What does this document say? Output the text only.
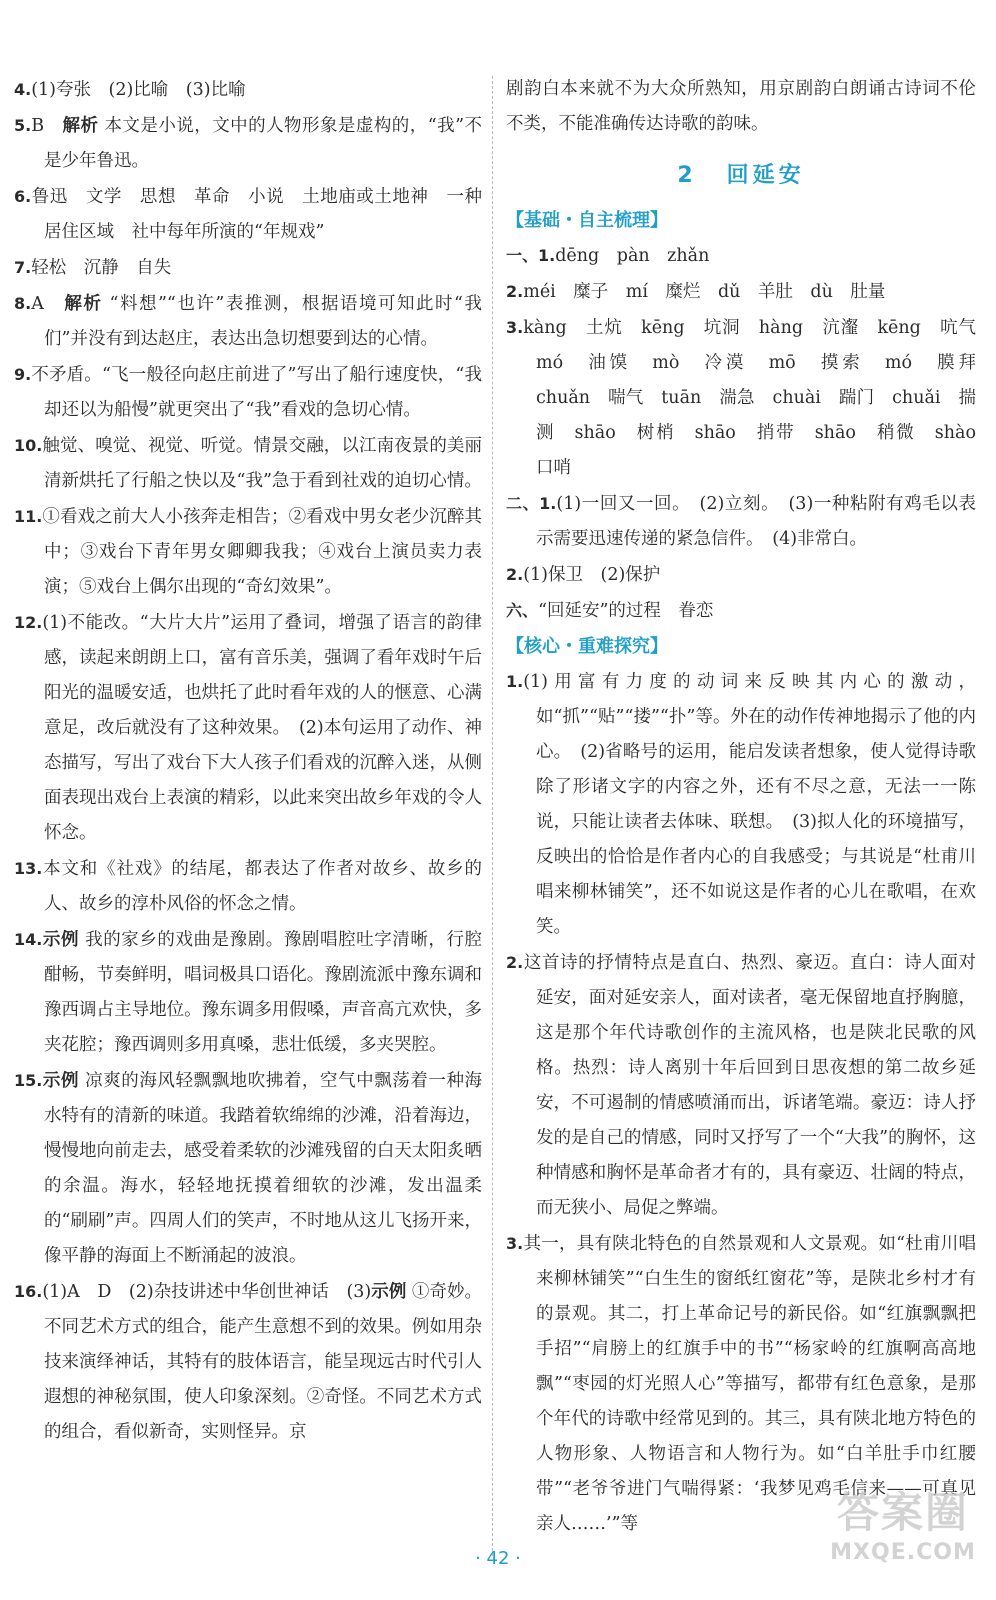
4.(1)夸张　(2)比喻　(3)比喻

5.B　解析 本文是小说，文中的人物形象是虚构的，“我”不是少年鲁迅。

6.鲁迅　文学　思想　革命　小说　土地庙或土地神　一种居住区域　社中每年所演的“年规戏”

7.轻松　沉静　自失

8.A　解析 “料想”“也许”表推测，根据语境可知此时“我们”并没有到达赵庄，表达出急切想要到达的心情。

9.不矛盾。“飞一般径向赵庄前进了”写出了船行速度快，“我却还以为船慢”就更突出了“我”看戏的急切心情。

10.触觉、嗅觉、视觉、听觉。情景交融，以江南夜景的美丽清新烘托了行船之快以及“我”急于看到社戏的迫切心情。

11.①看戏之前大人小孩奔走相告；②看戏中男女老少沉醉其中；③戏台下青年男女卿卿我我；④戏台上演员卖力表演；⑤戏台上偶尔出现的“奇幻效果”。

12.(1)不能改。“大片大片”运用了叠词，增强了语言的韵律感，读起来朗朗上口，富有音乐美，强调了看年戏时午后阳光的温暖安适，也烘托了此时看年戏的人的惬意、心满意足，改后就没有了这种效果。　(2)本句运用了动作、神态描写，写出了戏台下大人孩子们看戏的沉醉入迷，从侧面表现出戏台上表演的精彩，以此来突出故乡年戏的令人怀念。

13.本文和《社戏》的结尾，都表达了作者对故乡、故乡的人、故乡的淳朴风俗的怀念之情。

14.示例 我的家乡的戏曲是豫剧。豫剧唱腔吐字清晰，行腔酣畅，节奏鲜明，唱词极具口语化。豫剧流派中豫东调和豫西调占主导地位。豫东调多用假嗓，声音高亢欢快，多夹花腔；豫西调则多用真嗓，悲壮低缓，多夹哭腔。

15.示例 凉爽的海风轻飘飘地吹拂着，空气中飘荡着一种海水特有的清新的味道。我踏着软绵绵的沙滩，沿着海边，慢慢地向前走去，感受着柔软的沙滩残留的白天太阳炙晒的余温。海水，轻轻地抚摸着细软的沙滩，发出温柔的“刷刷”声。四周人们的笑声，不时地从这儿飞扬开来，像平静的海面上不断涌起的波浪。

16.(1)A　D　(2)杂技讲述中华创世神话　(3)示例 ①奇妙。不同艺术方式的组合，能产生意想不到的效果。例如用杂技来演绎神话，其特有的肢体语言，能呈现远古时代引人遐想的神秘氛围，使人印象深刻。②奇怪。不同艺术方式的组合，看似新奇，实则怪异。京

剧韵白本来就不为大众所熟知，用京剧韵白朗诵古诗词不伦不类，不能准确传达诗歌的韵味。

2 回延安

【基础・自主梳理】

一、1.dēng　pàn　zhǎn

2.méi　糜子　mí　糜烂　dǔ　羊肚　dù　肚量

3.kàng　土炕　kēng　坑洞　hàng　沆瀣　kēng　吭气　mó　油馍　mò　冷漠　mō　摸索　mó　膜拜　chuǎn　喘气　tuān　湍急　chuài　踹门　chuǎi　揣测　shāo　树梢　shāo　捎带　shāo　稍微　shào　口哨

二、1.(1)一回又一回。　(2)立刻。　(3)一种粘附有鸡毛以表示需要迅速传递的紧急信件。　(4)非常白。

2.(1)保卫　(2)保护

六、“回延安”的过程　眷恋

【核心・重难探究】

1.(1)用富有力度的动词来反映其内心的激动，如“抓”“贴”“搂”“扑”等。外在的动作传神地揭示了他的内心。　(2)省略号的运用，能启发读者想象，使人觉得诗歌除了形诸文字的内容之外，还有不尽之意，无法一一陈说，只能让读者去体味、联想。　(3)拟人化的环境描写，反映出的恰恰是作者内心的自我感受；与其说是“杜甫川唱来柳林铺笑”，还不如说这是作者的心儿在歌唱，在欢笑。

2.这首诗的抒情特点是直白、热烈、豪迈。直白：诗人面对延安，面对延安亲人，面对读者，毫无保留地直抒胸臆，这是那个年代诗歌创作的主流风格，也是陕北民歌的风格。热烈：诗人离别十年后回到日思夜想的第二故乡延安，不可遏制的情感喷涌而出，诉诸笔端。豪迈：诗人抒发的是自己的情感，同时又抒写了一个“大我”的胸怀，这种情感和胸怀是革命者才有的，具有豪迈、壮阔的特点，而无狭小、局促之弊端。

3.其一，具有陕北特色的自然景观和人文景观。如“杜甫川唱来柳林铺笑”“白生生的窗纸红窗花”等，是陕北乡村才有的景观。其二，打上革命记号的新民俗。如“红旗飘飘把手招”“肩膀上的红旗手中的书”“杨家岭的红旗啊高高地飘”“枣园的灯光照人心”等描写，都带有红色意象，是那个年代的诗歌中经常见到的。其三，具有陕北地方特色的人物形象、人物语言和人物行为。如“白羊肚手巾红腰带”“老爷爷进门气喘得紧：‘我梦见鸡毛信来——可真见亲人……’”等

· 42 ·
答案圈
MXQE.COM
